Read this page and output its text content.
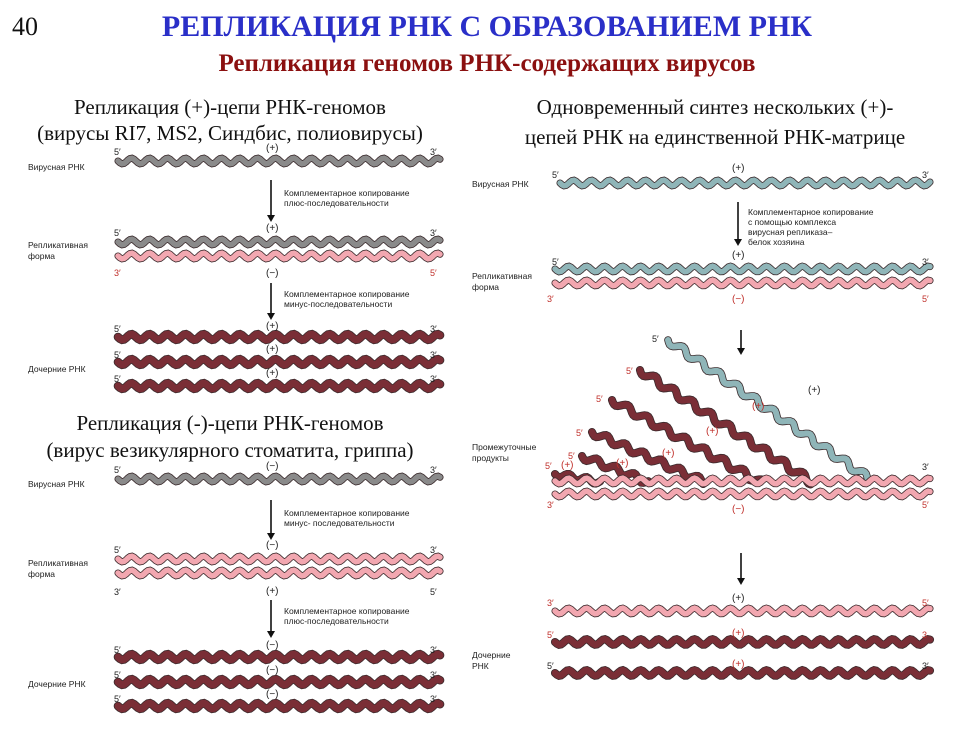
40	РЕПЛИКАЦИЯ РНК С ОБРАЗОВАНИЕМ РНК
Репликация геномов РНК-содержащих вирусов
Репликация (+)-цепи РНК-геномов
(вирусы RI7, MS2, Синдбис, полиовирусы)
Вирусная РНК
Репликативная
форма
Дочерние РНК
Комплементарное копирование
плюс-последовательности
Комплементарное копирование
минус-последовательности
(+)
(+)
(−)
(+)
(+)
(+)
5′	3′
5′	3′
3′	5′
5′	3′
5′	3′
5′	3′
Репликация (-)-цепи РНК-геномов
(вирус везикулярного стоматита, гриппа)
Вирусная РНК
Репликативная
форма
Дочерние РНК
Комплементарное копирование
минус- последовательности
Комплементарное копирование
плюс-последовательности
(−)
(−)
(+)
(−)
(−)
(−)
5′	3′
5′	3′
3′	5′
5′	3′
5′	3′
5′	3′
Одновременный синтез нескольких (+)-
цепей РНК на единственной РНК-матрице
Вирусная РНК
Репликативная
форма
Промежуточные
продукты
Дочерние
РНК
Комплементарное копирование
с помощью комплекса
вирусная репликаза–
белок хозяина
(+)
(+)
(−)
(+)
(+)
(+)
(+)
(+)
(+)
(−)
(+)
(+)
(+)
5′	3′
5′	3′
3′	5′
5′
5′
5′
5′
5′
5′	3′
3′	5′
3′	5′
5′	3
5′	3′
